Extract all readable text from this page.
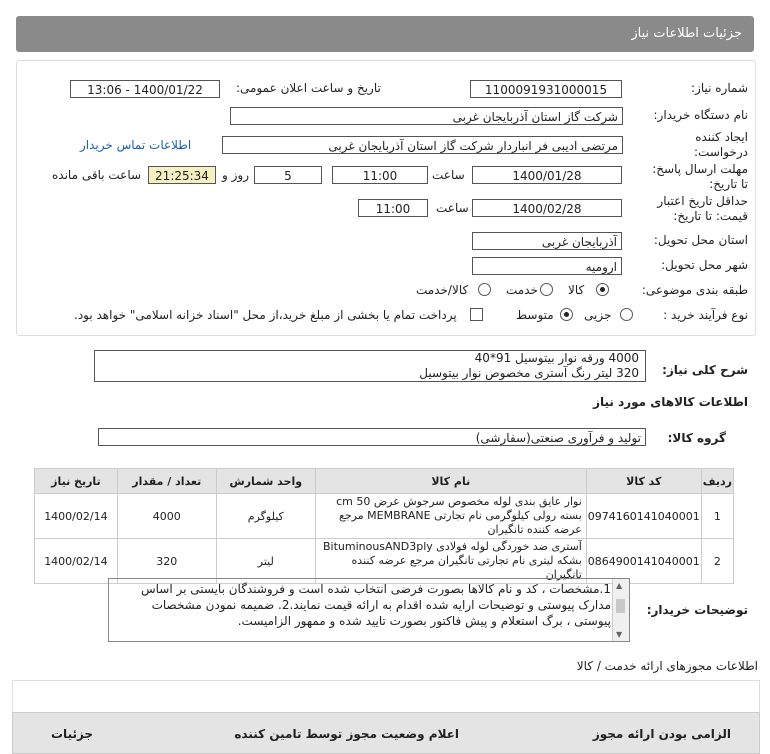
جزئیات اطلاعات نیاز
شماره نیاز:
1100091931000015
تاریخ و ساعت اعلان عمومی:
1400/01/22 - 13:06
نام دستگاه خریدار:
شرکت گاز استان آذربایجان غربی
ایجاد کننده
درخواست:
مرتضی ادیبی فر انباردار شرکت گاز استان آذربایجان غربی
اطلاعات تماس خریدار
مهلت ارسال پاسخ:
تا تاریخ:
1400/01/28
ساعت
11:00
5
روز و
21:25:34
ساعت باقی مانده
حداقل تاریخ اعتبار
قیمت: تا تاریخ:
1400/02/28
ساعت
11:00
استان محل تحویل:
آذربایجان غربی
شهر محل تحویل:
ارومیه
طبقه بندی موضوعی:
کالا
خدمت
کالا/خدمت
نوع فرآیند خرید :
جزیی
متوسط
پرداخت تمام یا بخشی از مبلغ خرید،از محل "اسناد خزانه اسلامی" خواهد بود.
شرح کلی نیاز:
4000 ورقه نوار بیتوسیل 91*40
320 لیتر رنگ آستری مخصوص نوار بیتوسیل
اطلاعات کالاهای مورد نیاز
گروه کالا:
تولید و فرآوری صنعتی(سفارشی)
ردیف	کد کالا	نام کالا	واحد شمارش	تعداد / مقدار	تاریخ نیاز
1	0974160141040001	نوار عایق بندی لوله مخصوص سرجوش عرض cm 50 بسته رولی کیلوگرمی نام تجارتی MEMBRANE مرجع عرضه کننده تانگیران	کیلوگرم	4000	1400/02/14
2	0864900141040001	آستری ضد خوردگی لوله فولادی BituminousAND3ply بشکه لیتری نام تجارتی تانگیران مرجع عرضه کننده تانگیران	لیتر	320	1400/02/14
توضیحات خریدار:
1.مشخصات ، کد و نام کالاها بصورت فرضی انتخاب شده است و فروشندگان بایستی بر اساس مدارک پیوستی و توضیحات ارایه شده اقدام به ارائه قیمت نمایند.2. ضمیمه نمودن مشخصات پیوستی ، برگ استعلام و پیش فاکتور بصورت تایید شده و ممهور الزامیست.
▲
▼
اطلاعات مجوزهای ارائه خدمت / کالا
الزامی بودن ارائه مجوز
اعلام وضعیت مجوز توسط تامین کننده
جزئیات
